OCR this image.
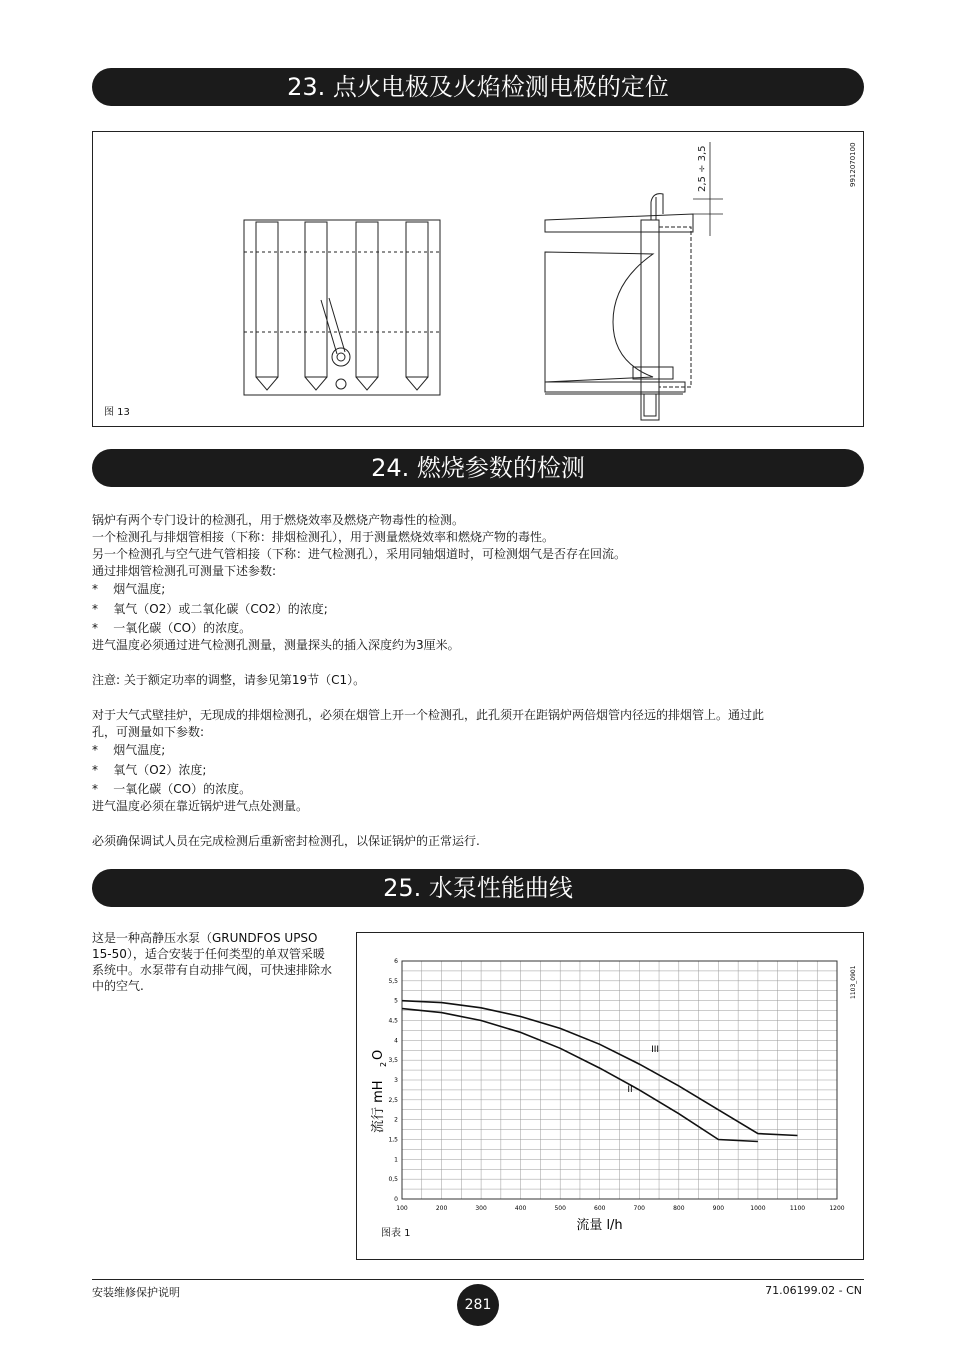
23. 点火电极及火焰检测电极的定位
2,5 ÷ 3,5	9912070100
图 13
24. 燃烧参数的检测
锅炉有两个专门设计的检测孔，用于燃烧效率及燃烧产物毒性的检测。
一个检测孔与排烟管相接（下称：排烟检测孔），用于测量燃烧效率和燃烧产物的毒性。
另一个检测孔与空气进气管相接（下称：进气检测孔），采用同轴烟道时，可检测烟气是否存在回流。
通过排烟管检测孔可测量下述参数:
*    烟气温度;
*    氧气（O2）或二氧化碳（CO2）的浓度;
*    一氧化碳（CO）的浓度。
进气温度必须通过进气检测孔测量，测量探头的插入深度约为3厘米。
注意: 关于额定功率的调整，请参见第19节（C1）。
对于大气式壁挂炉，无现成的排烟检测孔，必须在烟管上开一个检测孔，此孔须开在距锅炉两倍烟管内径远的排烟管上。通过此
孔，可测量如下参数:
*    烟气温度;
*    氧气（O2）浓度;
*    一氧化碳（CO）的浓度。
进气温度必须在靠近锅炉进气点处测量。
必须确保调试人员在完成检测后重新密封检测孔，以保证锅炉的正常运行.
25. 水泵性能曲线
这是一种高静压水泵（GRUNDFOS UPSO 15-50），适合安装于任何类型的单双管采暖系统中。水泵带有自动排气阀，可快速排除水中的空气.
100	200	300	400	500	600	700	800	900	1000	1100	1200
0
0,5
1
1,5
2
2,5
3
3,5
4
4,5
5
5,5
6
III
II
流量 l/h
流行 mH
2
O
1103_0901
图表 1
安装维修保护说明
281
71.06199.02 - CN
